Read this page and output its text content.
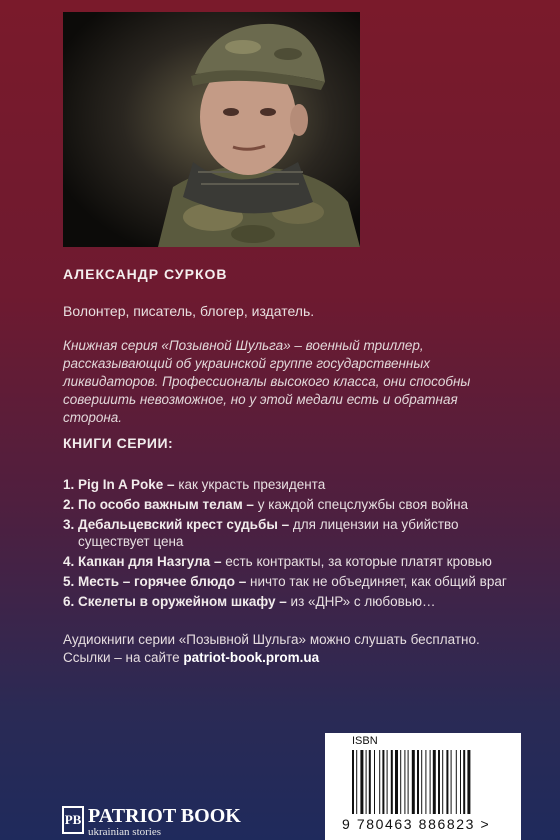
АЛЕКСАНДР СУРКОВ
Волонтер, писатель, блогер, издатель.
Книжная серия «Позывной Шульга» – военный триллер, рассказывающий об украинской группе государственных ликвидаторов. Профессионалы высокого класса, они способны совершить невозможное, но у этой медали есть и обратная сторона.
КНИГИ СЕРИИ:
1. Pig In A Poke – как украсть президента
2. По особо важным телам – у каждой спецслужбы своя война
3. Дебальцевский крест судьбы – для лицензии на убийство
существует цена
4. Капкан для Назгула – есть контракты, за которые платят кровью
5. Месть – горячее блюдо – ничто так не объединяет, как общий враг
6. Скелеты в оружейном шкафу – из «ДНР» с любовью…
Аудиокниги серии «Позывной Шульга» можно слушать бесплатно.
Ссылки – на сайте patriot-book.prom.ua
ISBN
9 780463 886823 >
PB PATRIOT BOOK
ukrainian stories
